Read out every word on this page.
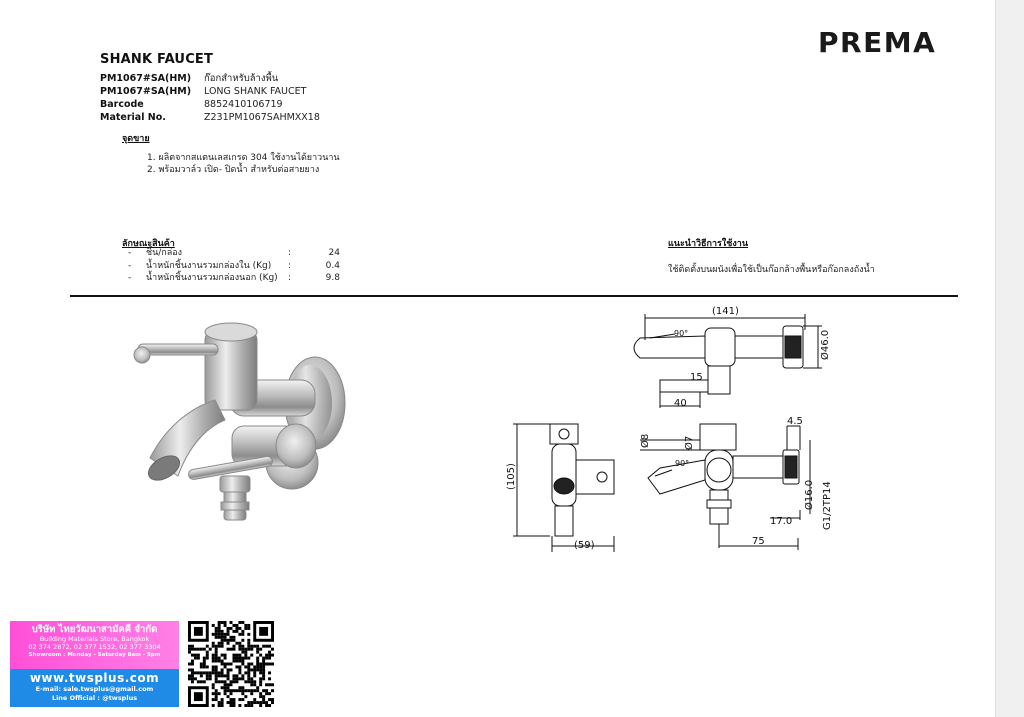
SHANK FAUCET
PREMA
PM1067#SA(HM)	ก๊อกสำหรับล้างพื้น
PM1067#SA(HM)	LONG SHANK FAUCET
Barcode	8852410106719
Material No.	Z231PM1067SAHMXX18
จุดขาย
1. ผลิตจากสแตนเลสเกรด 304 ใช้งานได้ยาวนาน
2. พร้อมวาล์ว เปิด- ปิดน้ำ สำหรับต่อสายยาง
ลักษณะสินค้า
-	ชิ้น/กล่อง	:	24
-	น้ำหนักชิ้นงานรวมกล่องใน (Kg)	:	0.4
-	น้ำหนักชิ้นงานรวมกล่องนอก (Kg)	:	9.8
แนะนำวิธีการใช้งาน
ใช้ติดตั้งบนผนังเพื่อใช้เป็นก๊อกล้างพื้นหรือก๊อกลงถังน้ำ
(141)
Ø46.0
15
40
90°
(105)
(59)
Ø8	Ø7
90°
4.5
Ø16.0
17.0	G1/2TP14
75
บริษัท ไทยวัฒนาสามัคคี จำกัด
Building Materials Store, Bangkok
02 374 2872, 02 377 1532, 02 377 3304
Showroom : Monday - Saturday 8am - 5pm
www.twsplus.com
E-mail: sale.twsplus@gmail.com
Line Official : @twsplus
